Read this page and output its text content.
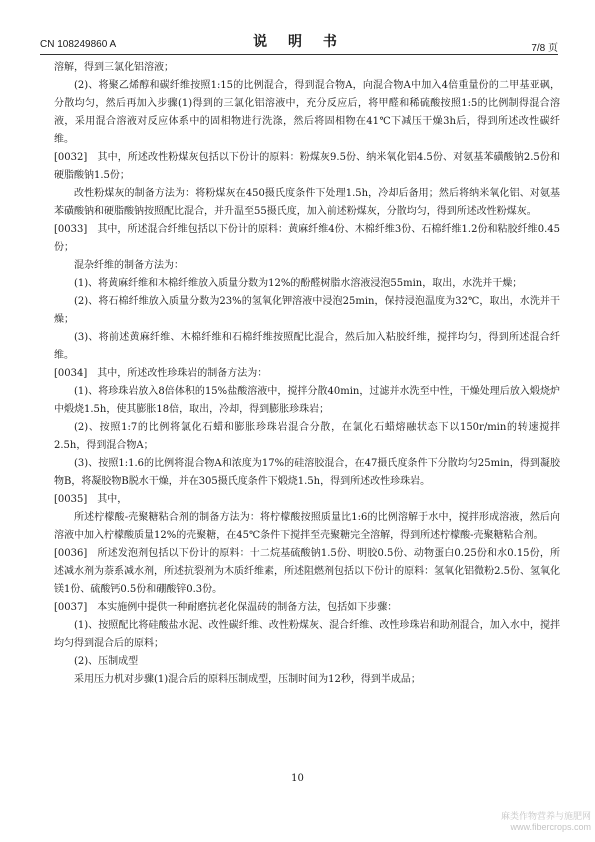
CN 108249860 A	说 明 书	7/8 页

溶解，得到三氯化铝溶液；

(2)、将聚乙烯醇和碳纤维按照1:15的比例混合，得到混合物A，向混合物A中加入4倍重量份的二甲基亚砜，分散均匀，然后再加入步骤(1)得到的三氯化铝溶液中，充分反应后，将甲醛和稀硫酸按照1:5的比例制得混合溶液，采用混合溶液对反应体系中的固相物进行洗涤，然后将固相物在41℃下减压干燥3h后，得到所述改性碳纤维。

[0032]　其中，所述改性粉煤灰包括以下份计的原料：粉煤灰9.5份、纳米氧化铝4.5份、对氨基苯磺酸钠2.5份和硬脂酸钠1.5份；

改性粉煤灰的制备方法为：将粉煤灰在450摄氏度条件下处理1.5h，冷却后备用；然后将纳米氧化铝、对氨基苯磺酸钠和硬脂酸钠按照配比混合，并升温至55摄氏度，加入前述粉煤灰，分散均匀，得到所述改性粉煤灰。

[0033]　其中，所述混合纤维包括以下份计的原料：黄麻纤维4份、木棉纤维3份、石棉纤维1.2份和粘胶纤维0.45份；

混杂纤维的制备方法为：

(1)、将黄麻纤维和木棉纤维放入质量分数为12%的酚醛树脂水溶液浸泡55min，取出，水洗并干燥；

(2)、将石棉纤维放入质量分数为23%的氢氧化钾溶液中浸泡25min，保持浸泡温度为32℃，取出，水洗并干燥；

(3)、将前述黄麻纤维、木棉纤维和石棉纤维按照配比混合，然后加入粘胶纤维，搅拌均匀，得到所述混合纤维。

[0034]　其中，所述改性珍珠岩的制备方法为：

(1)、将珍珠岩放入8倍体积的15%盐酸溶液中，搅拌分散40min，过滤并水洗至中性，干燥处理后放入煅烧炉中煅烧1.5h，使其膨胀18倍，取出，冷却，得到膨胀珍珠岩；

(2)、按照1:7的比例将氯化石蜡和膨胀珍珠岩混合分散，在氯化石蜡熔融状态下以150r/min的转速搅拌2.5h，得到混合物A；

(3)、按照1:1.6的比例将混合物A和浓度为17%的硅溶胶混合，在47摄氏度条件下分散均匀25min，得到凝胶物B，将凝胶物B脱水干燥，并在305摄氏度条件下煅烧1.5h，得到所述改性珍珠岩。

[0035]　其中，

所述柠檬酸-壳聚糖粘合剂的制备方法为：将柠檬酸按照质量比1:6的比例溶解于水中，搅拌形成溶液，然后向溶液中加入柠檬酸质量12%的壳聚糖，在45℃条件下搅拌至壳聚糖完全溶解，得到所述柠檬酸-壳聚糖粘合剂。

[0036]　所述发泡剂包括以下份计的原料：十二烷基硫酸钠1.5份、明胶0.5份、动物蛋白0.25份和水0.15份，所述减水剂为萘系减水剂，所述抗裂剂为木质纤维素，所述阻燃剂包括以下份计的原料：氢氧化铝微粉2.5份、氢氧化镁1份、硫酸钙0.5份和硼酸锌0.3份。

[0037]　本实施例中提供一种耐磨抗老化保温砖的制备方法，包括如下步骤：

(1)、按照配比将硅酸盐水泥、改性碳纤维、改性粉煤灰、混合纤维、改性珍珠岩和助剂混合，加入水中，搅拌均匀得到混合后的原料；

(2)、压制成型

采用压力机对步骤(1)混合后的原料压制成型，压制时间为12秒，得到半成品；

10
麻类作物营养与施肥网
www.fibercrops.com
